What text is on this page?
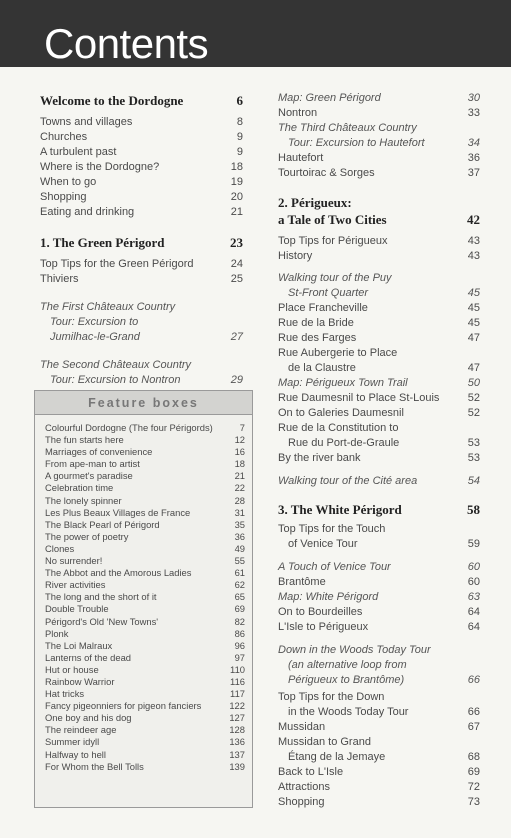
Contents
Welcome to the Dordogne	6
Towns and villages	8
Churches	9
A turbulent past	9
Where is the Dordogne?	18
When to go	19
Shopping	20
Eating and drinking	21
1. The Green Périgord	23
Top Tips for the Green Périgord	24
Thiviers	25
The First Châteaux Country
Tour: Excursion to
Jumilhac-le-Grand	27
The Second Châteaux Country
Tour: Excursion to Nontron	29
Feature boxes
Colourful Dordogne (The four Périgords)	7
The fun starts here	12
Marriages of convenience	16
From ape-man to artist	18
A gourmet's paradise	21
Celebration time	22
The lonely spinner	28
Les Plus Beaux Villages de France	31
The Black Pearl of Périgord	35
The power of poetry	36
Clones	49
No surrender!	55
The Abbot and the Amorous Ladies	61
River activities	62
The long and the short of it	65
Double Trouble	69
Périgord's Old 'New Towns'	82
Plonk	86
The Loi Malraux	96
Lanterns of the dead	97
Hut or house	110
Rainbow Warrior	116
Hat tricks	117
Fancy pigeonniers for pigeon fanciers	122
One boy and his dog	127
The reindeer age	128
Summer idyll	136
Halfway to hell	137
For Whom the Bell Tolls	139
Map: Green Périgord	30
Nontron	33
The Third Châteaux Country
Tour: Excursion to Hautefort	34
Hautefort	36
Tourtoirac & Sorges	37
2. Périgueux:
a Tale of Two Cities	42
Top Tips for Périgueux	43
History	43
Walking tour of the Puy
St-Front Quarter	45
Place Francheville	45
Rue de la Bride	45
Rue des Farges	47
Rue Aubergerie to Place
de la Claustre	47
Map: Périgueux Town Trail	50
Rue Daumesnil to Place St-Louis	52
On to Galeries Daumesnil	52
Rue de la Constitution to
Rue du Port-de-Graule	53
By the river bank	53
Walking tour of the Cité area	54
3. The White Périgord	58
Top Tips for the Touch
of Venice Tour	59
A Touch of Venice Tour	60
Brantôme	60
Map: White Périgord	63
On to Bourdeilles	64
L'Isle to Périgueux	64
Down in the Woods Today Tour
(an alternative loop from
Périgueux to Brantôme)	66
Top Tips for the Down
in the Woods Today Tour	66
Mussidan	67
Mussidan to Grand
Étang de la Jemaye	68
Back to L'Isle	69
Attractions	72
Shopping	73
